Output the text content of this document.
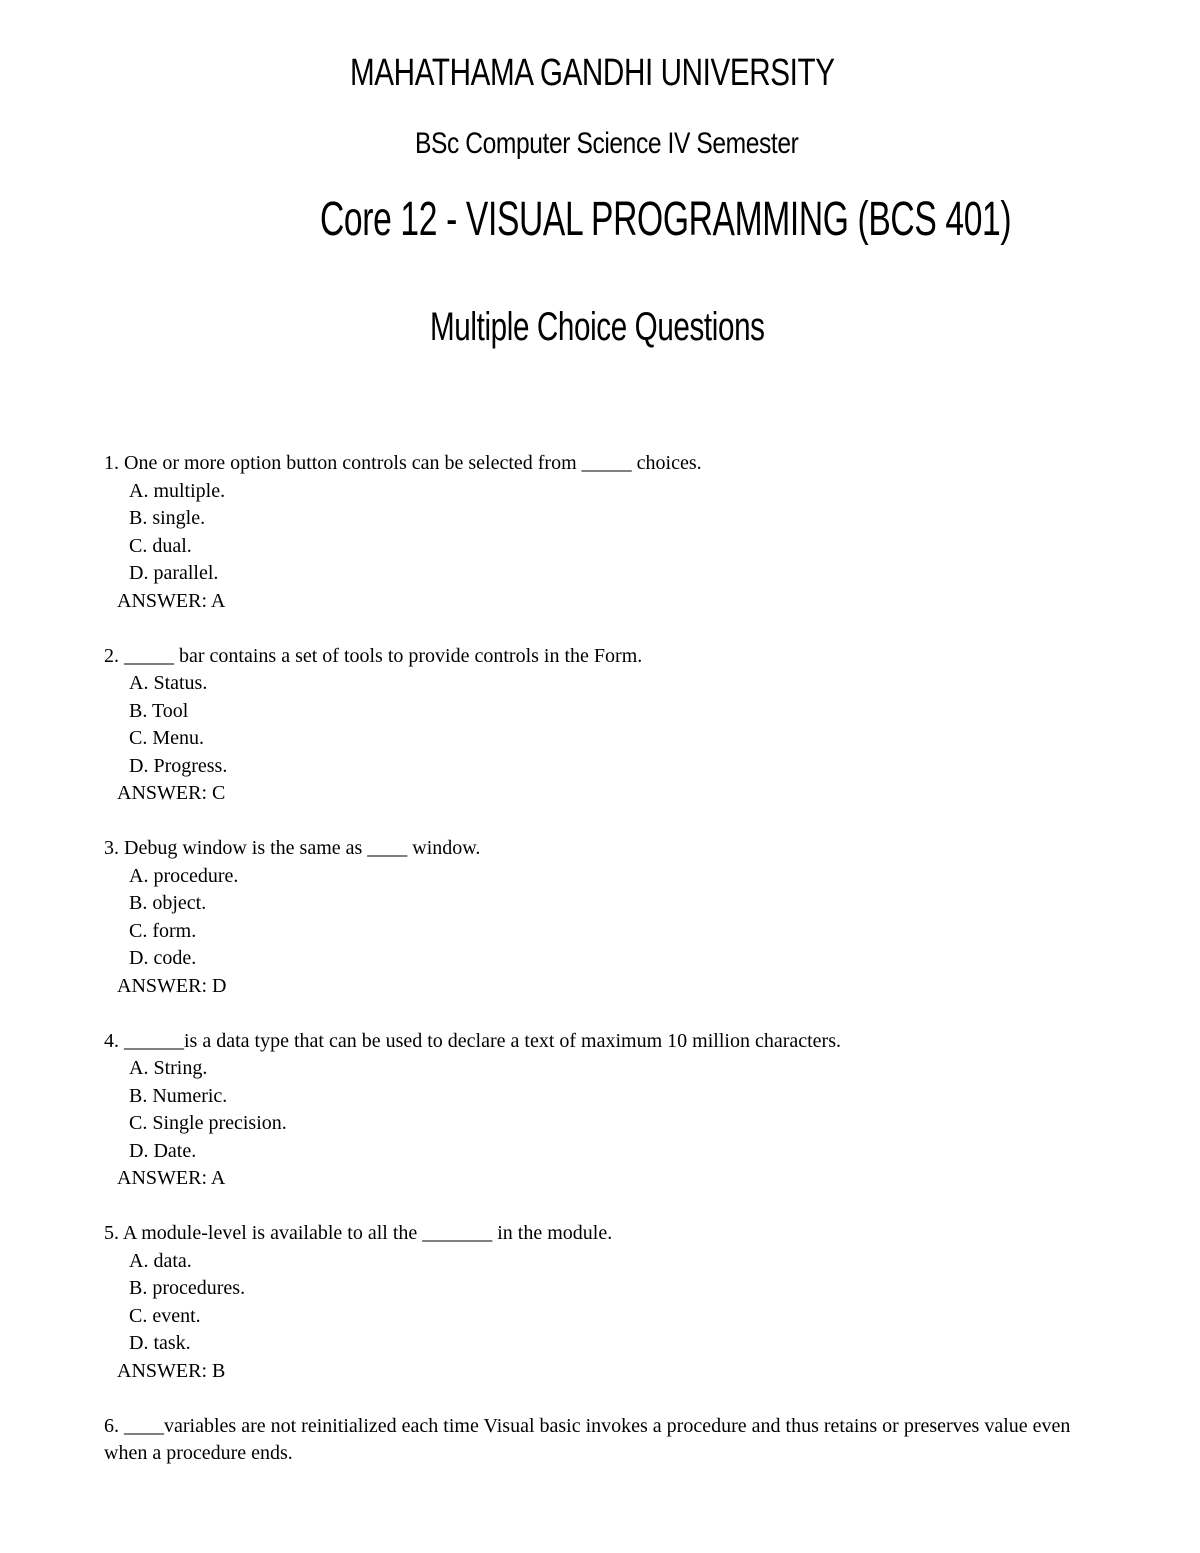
MAHATHAMA GANDHI UNIVERSITY
BSc Computer Science IV Semester
Core 12 - VISUAL PROGRAMMING (BCS 401)
Multiple Choice Questions
1. One or more option button controls can be selected from _____ choices.
A. multiple.
B. single.
C. dual.
D. parallel.
ANSWER: A
2. _____ bar contains a set of tools to provide controls in the Form.
A. Status.
B. Tool
C. Menu.
D. Progress.
ANSWER: C
3. Debug window is the same as ____ window.
A. procedure.
B. object.
C. form.
D. code.
ANSWER: D
4. ______is a data type that can be used to declare a text of maximum 10 million characters.
A. String.
B. Numeric.
C. Single precision.
D. Date.
ANSWER: A
5. A module-level is available to all the _______ in the module.
A. data.
B. procedures.
C. event.
D. task.
ANSWER: B
6. ____variables are not reinitialized each time Visual basic invokes a procedure and thus retains or preserves value even when a procedure ends.
